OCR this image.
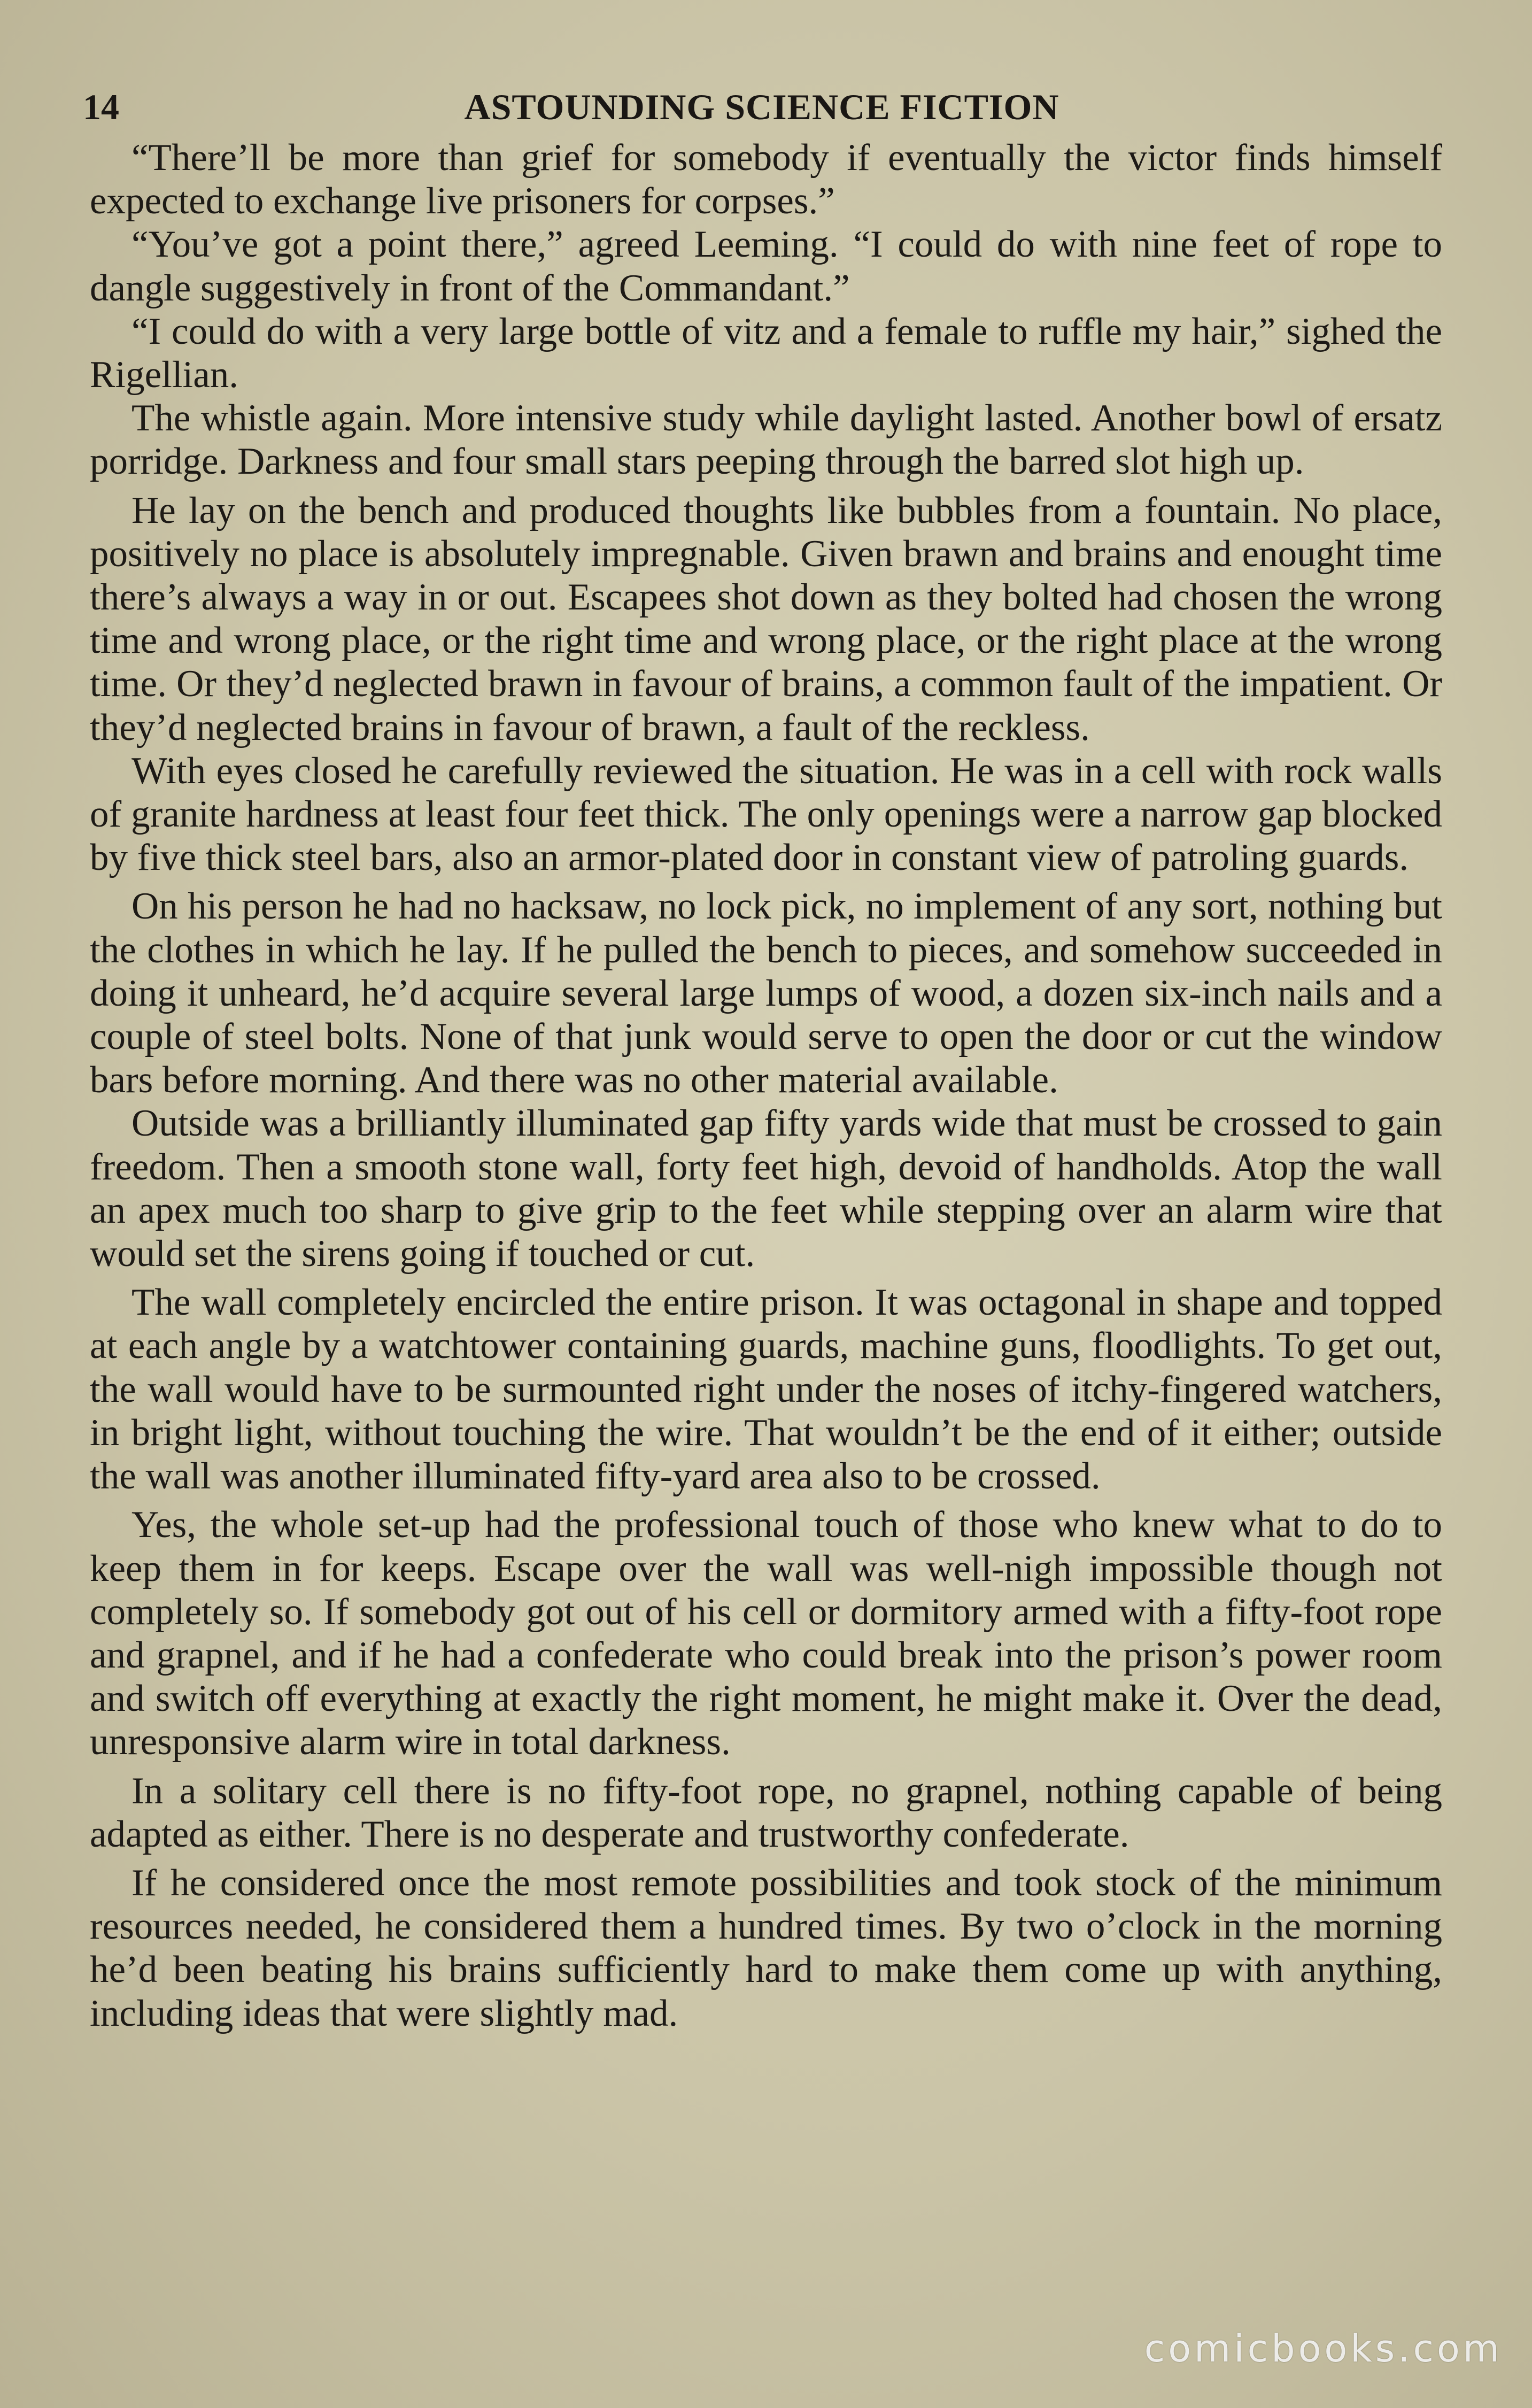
14	ASTOUNDING SCIENCE FICTION

“There’ll be more than grief for somebody if eventually the victor finds himself expected to exchange live prisoners for corpses.”

“You’ve got a point there,” agreed Leeming. “I could do with nine feet of rope to dangle suggestively in front of the Commandant.”

“I could do with a very large bottle of vitz and a female to ruffle my hair,” sighed the Rigellian.

The whistle again. More intensive study while daylight lasted. Another bowl of ersatz porridge. Darkness and four small stars peeping through the barred slot high up.

He lay on the bench and produced thoughts like bubbles from a fountain. No place, positively no place is absolutely impregnable. Given brawn and brains and enought time there’s always a way in or out. Escapees shot down as they bolted had chosen the wrong time and wrong place, or the right time and wrong place, or the right place at the wrong time. Or they’d neglected brawn in favour of brains, a common fault of the impatient. Or they’d neglected brains in favour of brawn, a fault of the reckless.

With eyes closed he carefully reviewed the situation. He was in a cell with rock walls of granite hardness at least four feet thick. The only openings were a narrow gap blocked by five thick steel bars, also an armor-plated door in constant view of patroling guards.

On his person he had no hacksaw, no lock pick, no implement of any sort, nothing but the clothes in which he lay. If he pulled the bench to pieces, and somehow succeeded in doing it unheard, he’d acquire several large lumps of wood, a dozen six-inch nails and a couple of steel bolts. None of that junk would serve to open the door or cut the window bars before morning. And there was no other material available.

Outside was a brilliantly illuminated gap fifty yards wide that must be crossed to gain freedom. Then a smooth stone wall, forty feet high, devoid of handholds. Atop the wall an apex much too sharp to give grip to the feet while stepping over an alarm wire that would set the sirens going if touched or cut.

The wall completely encircled the entire prison. It was octagonal in shape and topped at each angle by a watchtower containing guards, machine guns, floodlights. To get out, the wall would have to be surmounted right under the noses of itchy-fingered watchers, in bright light, without touching the wire. That wouldn’t be the end of it either; outside the wall was another illuminated fifty-yard area also to be crossed.

Yes, the whole set-up had the professional touch of those who knew what to do to keep them in for keeps. Escape over the wall was well-nigh impossible though not completely so. If somebody got out of his cell or dormitory armed with a fifty-foot rope and grapnel, and if he had a confederate who could break into the prison’s power room and switch off everything at exactly the right moment, he might make it. Over the dead, unresponsive alarm wire in total darkness.

In a solitary cell there is no fifty-foot rope, no grapnel, nothing capable of being adapted as either. There is no desperate and trustworthy confederate.

If he considered once the most remote possibilities and took stock of the minimum resources needed, he considered them a hundred times. By two o’clock in the morning he’d been beating his brains sufficiently hard to make them come up with anything, including ideas that were slightly mad.

comicbooks.com
